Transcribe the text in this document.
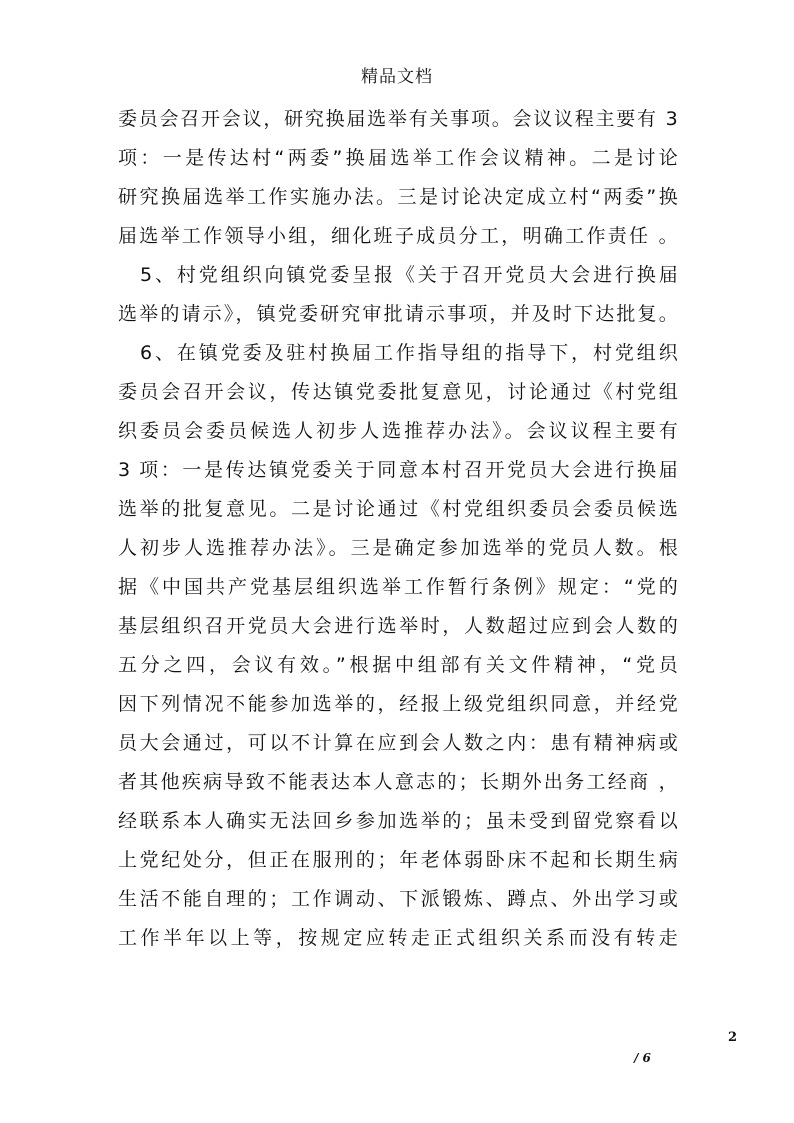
精品文档
委员会召开会议，研究换届选举有关事项。会议议程主要有 3
项：一是传达村“两委”换届选举工作会议精神。二是讨论
研究换届选举工作实施办法。三是讨论决定成立村“两委”换
届选举工作领导小组，细化班子成员分工，明确工作责任 。
5、村党组织向镇党委呈报《关于召开党员大会进行换届
选举的请示》，镇党委研究审批请示事项，并及时下达批复。
6、在镇党委及驻村换届工作指导组的指导下，村党组织
委员会召开会议，传达镇党委批复意见，讨论通过《村党组
织委员会委员候选人初步人选推荐办法》。会议议程主要有
3 项：一是传达镇党委关于同意本村召开党员大会进行换届
选举的批复意见。二是讨论通过《村党组织委员会委员候选
人初步人选推荐办法》。三是确定参加选举的党员人数。根
据《中国共产党基层组织选举工作暂行条例》规定：“党的
基层组织召开党员大会进行选举时，人数超过应到会人数的
五分之四，会议有效。”根据中组部有关文件精神，“党员
因下列情况不能参加选举的，经报上级党组织同意，并经党
员大会通过，可以不计算在应到会人数之内：患有精神病或
者其他疾病导致不能表达本人意志的；长期外出务工经商 ，
经联系本人确实无法回乡参加选举的；虽未受到留党察看以
上党纪处分，但正在服刑的；年老体弱卧床不起和长期生病
生活不能自理的；工作调动、下派锻炼、蹲点、外出学习或
工作半年以上等，按规定应转走正式组织关系而没有转走
2
/ 6
